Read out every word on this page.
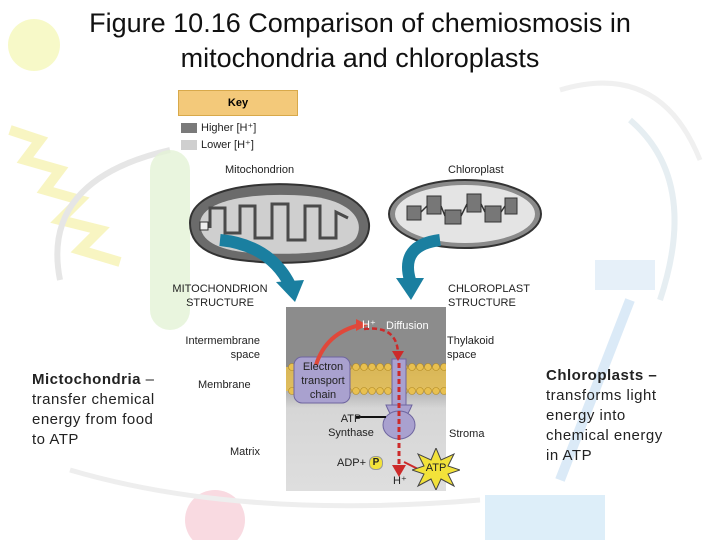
Figure 10.16 Comparison of chemiosmosis in
mitochondria and chloroplasts
Key
Higher [H⁺]
Lower [H⁺]
Mitochondrion	Chloroplast
MITOCHONDRION
STRUCTURE
CHLOROPLAST
STRUCTURE
H⁺ Diffusion
Intermembrane
space
Thylakoid
space
Membrane
Electron
transport
chain
ATP
Synthase	Stroma
Matrix
ADP+ P
H⁺
ATP
Mictochondria –
transfer chemical
energy from food
to ATP
Chloroplasts –
transforms light
energy into
chemical energy
in ATP
